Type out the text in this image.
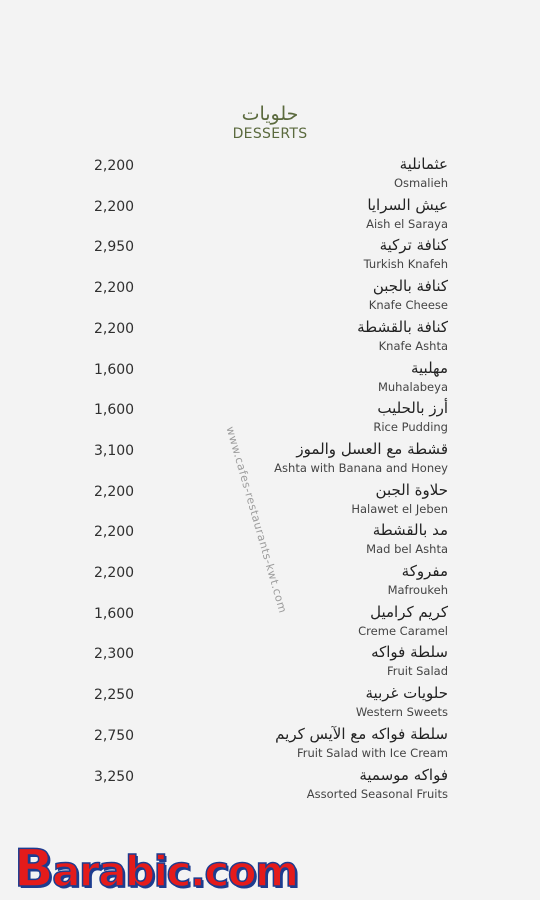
حلويات
DESSERTS
2,200	عثمانلية
Osmalieh
2,200	عيش السرايا
Aish el Saraya
2,950	كنافة تركية
Turkish Knafeh
2,200	كنافة بالجبن
Knafe Cheese
2,200	كنافة بالقشطة
Knafe Ashta
1,600	مهلبية
Muhalabeya
1,600	أرز بالحليب
Rice Pudding
3,100	قشطة مع العسل والموز
Ashta with Banana and Honey
2,200	حلاوة الجبن
Halawet el Jeben
2,200	مد بالقشطة
Mad bel Ashta
2,200	مفروكة
Mafroukeh
1,600	كريم كراميل
Creme Caramel
2,300	سلطة فواكه
Fruit Salad
2,250	حلويات غربية
Western Sweets
2,750	سلطة فواكه مع الآيس كريم
Fruit Salad with Ice Cream
3,250	فواكه موسمية
Assorted Seasonal Fruits
www.cafes-restaurants-kwt.com
Barabic.com
